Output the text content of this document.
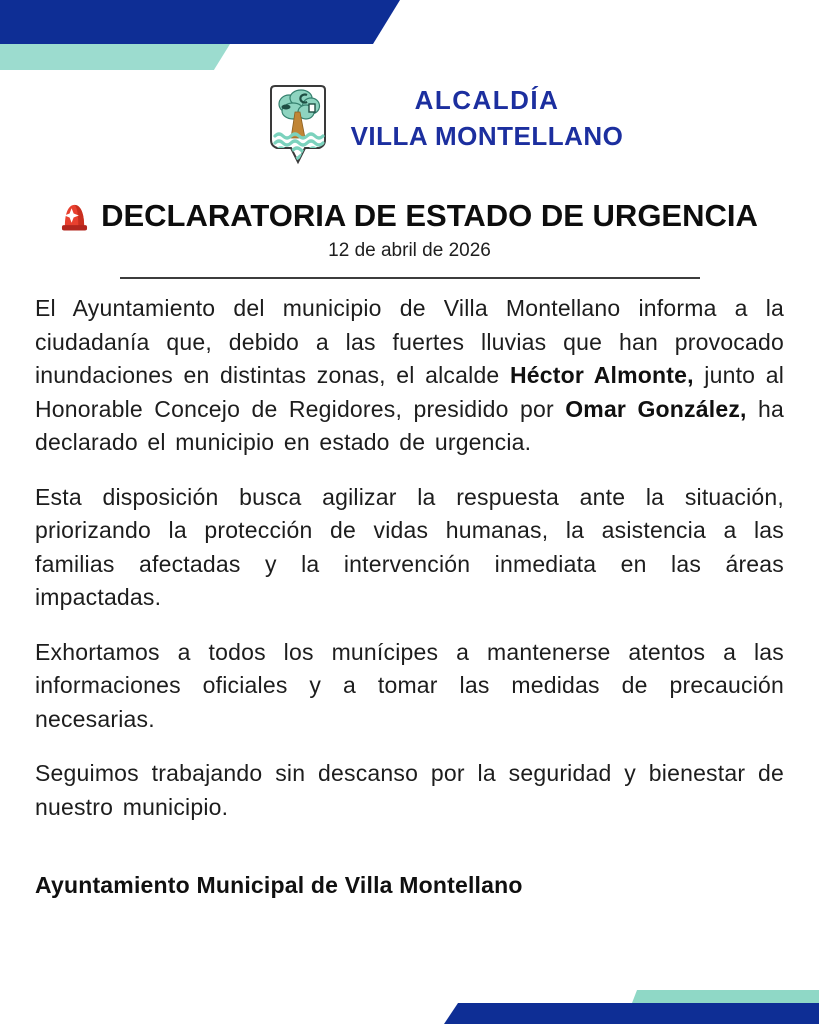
ALCALDÍA
VILLA MONTELLANO
DECLARATORIA DE ESTADO DE URGENCIA
12 de abril de 2026

El Ayuntamiento del municipio de Villa Montellano informa a la ciudadanía que, debido a las fuertes lluvias que han provocado inundaciones en distintas zonas, el alcalde Héctor Almonte, junto al Honorable Concejo de Regidores, presidido por Omar González, ha declarado el municipio en estado de urgencia.

Esta disposición busca agilizar la respuesta ante la situación, priorizando la protección de vidas humanas, la asistencia a las familias afectadas y la intervención inmediata en las áreas impactadas.

Exhortamos a todos los munícipes a mantenerse atentos a las informaciones oficiales y a tomar las medidas de precaución necesarias.

Seguimos trabajando sin descanso por la seguridad y bienestar de nuestro municipio.

Ayuntamiento Municipal de Villa Montellano
